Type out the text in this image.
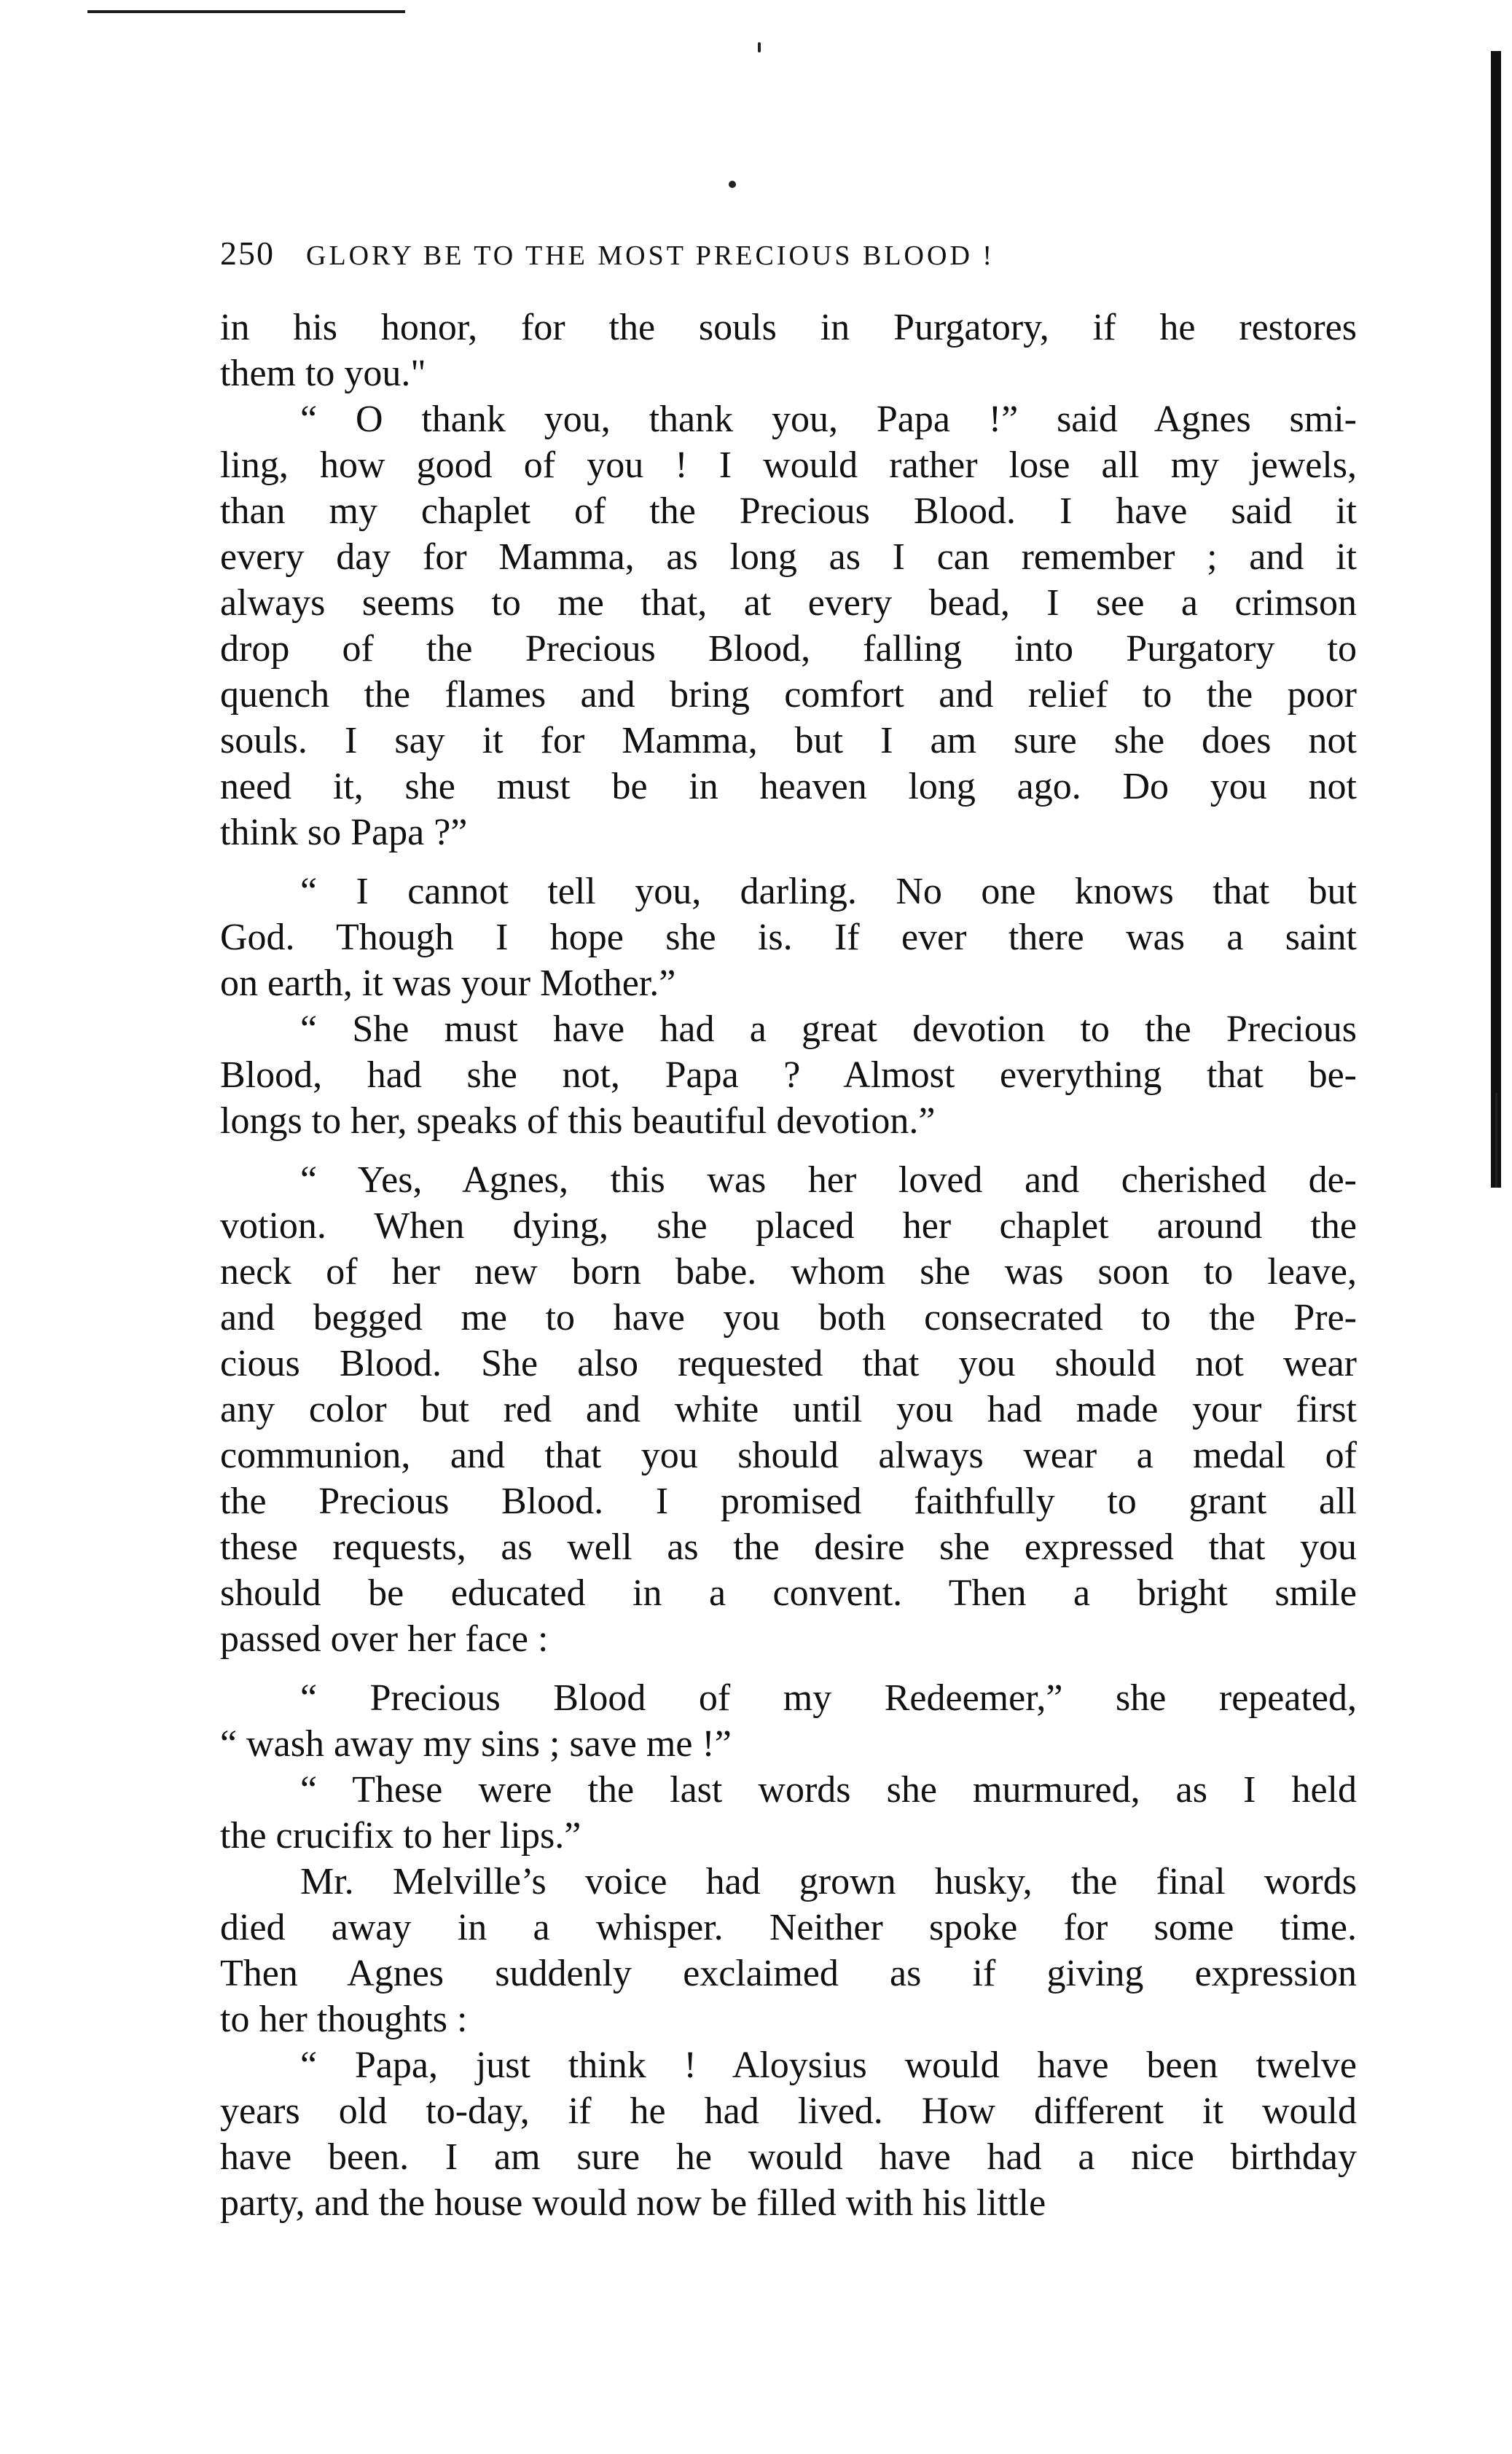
250	GLORY BE TO THE MOST PRECIOUS BLOOD !
in his honor, for the souls in Purgatory, if he restores
them to you."
“ O thank you, thank you, Papa !” said Agnes smi-
ling, how good of you ! I would rather lose all my jewels,
than my chaplet of the Precious Blood. I have said it
every day for Mamma, as long as I can remember ; and it
always seems to me that, at every bead, I see a crimson
drop of the Precious Blood, falling into Purgatory to
quench the flames and bring comfort and relief to the poor
souls. I say it for Mamma, but I am sure she does not
need it, she must be in heaven long ago. Do you not
think so Papa ?”
“ I cannot tell you, darling. No one knows that but
God. Though I hope she is. If ever there was a saint
on earth, it was your Mother.”
“ She must have had a great devotion to the Precious
Blood, had she not, Papa ? Almost everything that be-
longs to her, speaks of this beautiful devotion.”
“ Yes, Agnes, this was her loved and cherished de-
votion. When dying, she placed her chaplet around the
neck of her new born babe. whom she was soon to leave,
and begged me to have you both consecrated to the Pre-
cious Blood. She also requested that you should not wear
any color but red and white until you had made your first
communion, and that you should always wear a medal of
the Precious Blood. I promised faithfully to grant all
these requests, as well as the desire she expressed that you
should be educated in a convent. Then a bright smile
passed over her face :
“ Precious Blood of my Redeemer,” she repeated,
“ wash away my sins ; save me !”
“ These were the last words she murmured, as I held
the crucifix to her lips.”
Mr. Melville’s voice had grown husky, the final words
died away in a whisper. Neither spoke for some time.
Then Agnes suddenly exclaimed as if giving expression
to her thoughts :
“ Papa, just think ! Aloysius would have been twelve
years old to-day, if he had lived. How different it would
have been. I am sure he would have had a nice birthday
party, and the house would now be filled with his little
